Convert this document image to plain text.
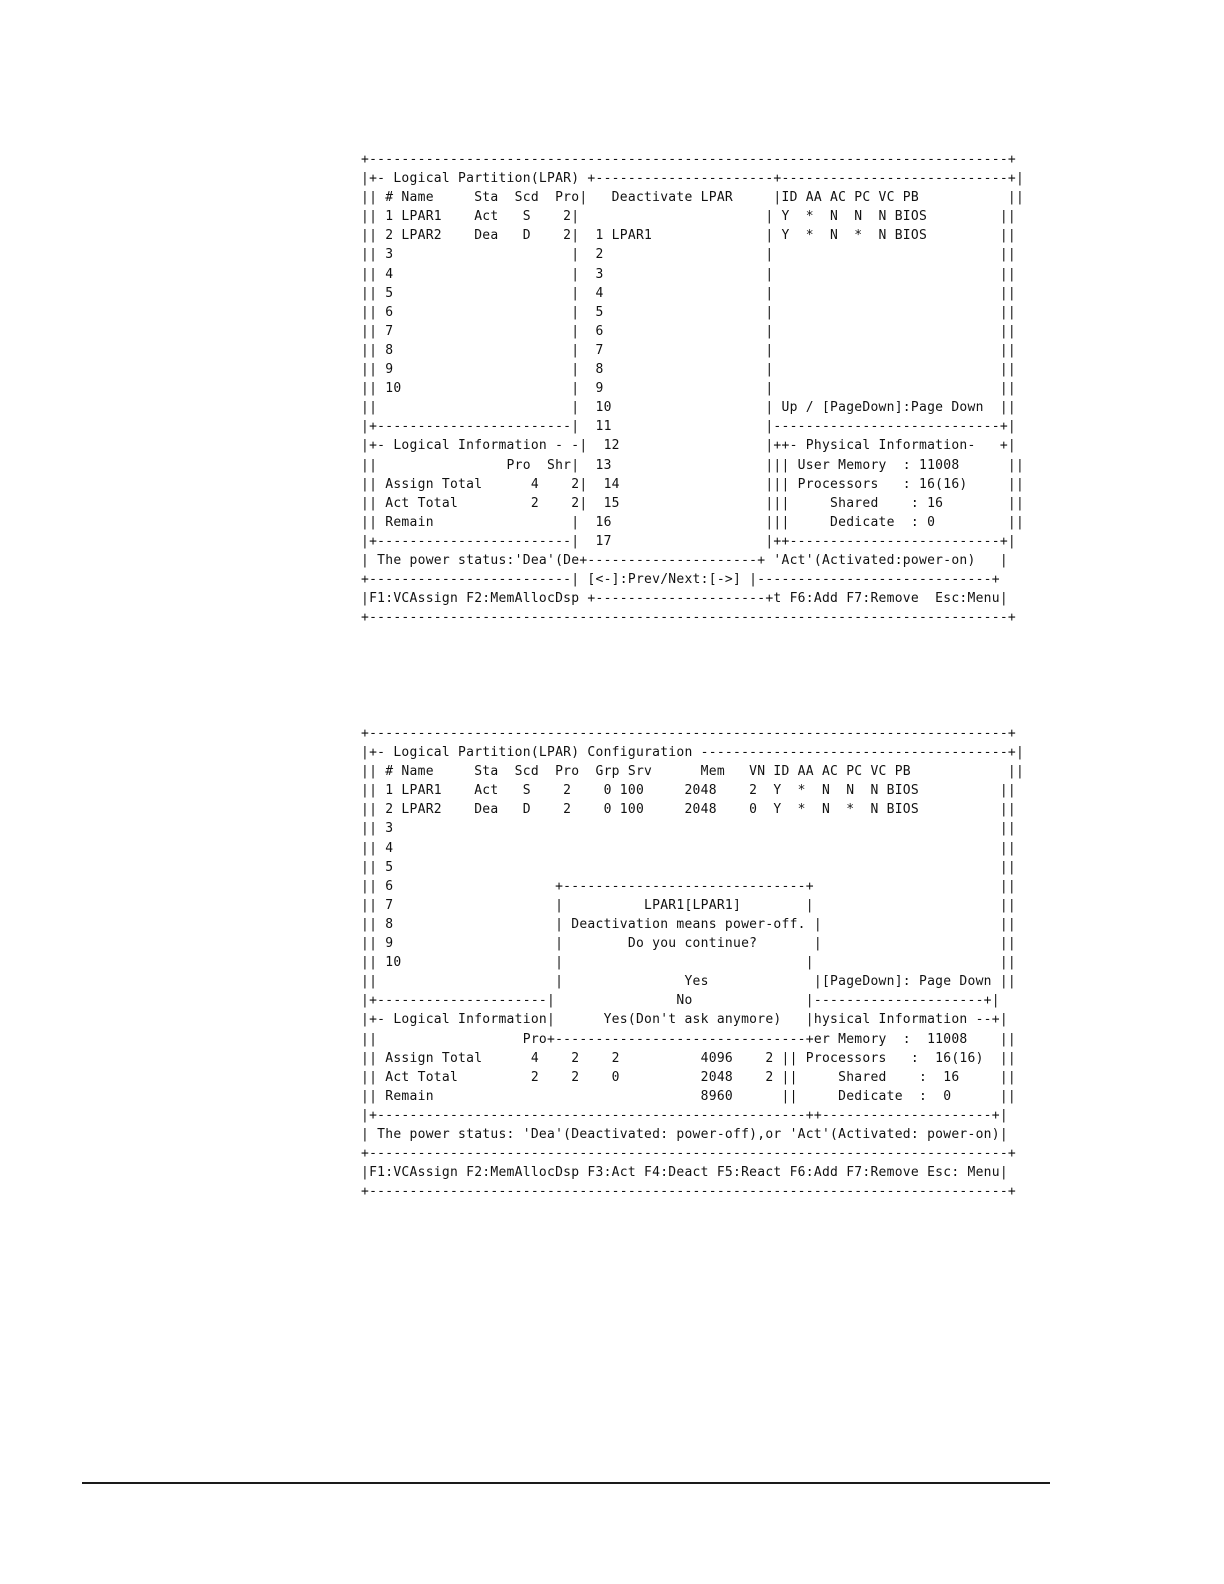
+-------------------------------------------------------------------------------+
|+- Logical Partition(LPAR) +----------------------+----------------------------+|
|| # Name     Sta  Scd  Pro|   Deactivate LPAR     |ID AA AC PC VC PB           ||
|| 1 LPAR1    Act   S    2|                       | Y  *  N  N  N BIOS         ||
|| 2 LPAR2    Dea   D    2|  1 LPAR1              | Y  *  N  *  N BIOS         ||
|| 3                      |  2                    |                            ||
|| 4                      |  3                    |                            ||
|| 5                      |  4                    |                            ||
|| 6                      |  5                    |                            ||
|| 7                      |  6                    |                            ||
|| 8                      |  7                    |                            ||
|| 9                      |  8                    |                            ||
|| 10                     |  9                    |                            ||
||                        |  10                   | Up / [PageDown]:Page Down  ||
|+------------------------|  11                   |----------------------------+|
|+- Logical Information - -|  12                  |++- Physical Information-   +|
||                Pro  Shr|  13                   ||| User Memory  : 11008      ||
|| Assign Total      4    2|  14                  ||| Processors   : 16(16)     ||
|| Act Total         2    2|  15                  |||     Shared    : 16        ||
|| Remain                 |  16                   |||     Dedicate  : 0         ||
|+------------------------|  17                   |++--------------------------+|
| The power status:'Dea'(De+---------------------+ 'Act'(Activated:power-on)   |
+-------------------------| [<-]:Prev/Next:[->] |-----------------------------+
|F1:VCAssign F2:MemAllocDsp +---------------------+t F6:Add F7:Remove  Esc:Menu|
+-------------------------------------------------------------------------------+
+-------------------------------------------------------------------------------+
|+- Logical Partition(LPAR) Configuration --------------------------------------+|
|| # Name     Sta  Scd  Pro  Grp Srv      Mem   VN ID AA AC PC VC PB            ||
|| 1 LPAR1    Act   S    2    0 100     2048    2  Y  *  N  N  N BIOS          ||
|| 2 LPAR2    Dea   D    2    0 100     2048    0  Y  *  N  *  N BIOS          ||
|| 3                                                                           ||
|| 4                                                                           ||
|| 5                                                                           ||
|| 6                    +------------------------------+                       ||
|| 7                    |          LPAR1[LPAR1]        |                       ||
|| 8                    | Deactivation means power-off. |                      ||
|| 9                    |        Do you continue?       |                      ||
|| 10                   |                              |                       ||
||                      |               Yes             |[PageDown]: Page Down ||
|+---------------------|               No              |---------------------+|
|+- Logical Information|      Yes(Don't ask anymore)   |hysical Information --+|
||                  Pro+-------------------------------+er Memory  :  11008    ||
|| Assign Total      4    2    2          4096    2 || Processors   :  16(16)  ||
|| Act Total         2    2    0          2048    2 ||     Shared    :  16     ||
|| Remain                                 8960      ||     Dedicate  :  0      ||
|+-----------------------------------------------------++---------------------+|
| The power status: 'Dea'(Deactivated: power-off),or 'Act'(Activated: power-on)|
+-------------------------------------------------------------------------------+
|F1:VCAssign F2:MemAllocDsp F3:Act F4:Deact F5:React F6:Add F7:Remove Esc: Menu|
+-------------------------------------------------------------------------------+
